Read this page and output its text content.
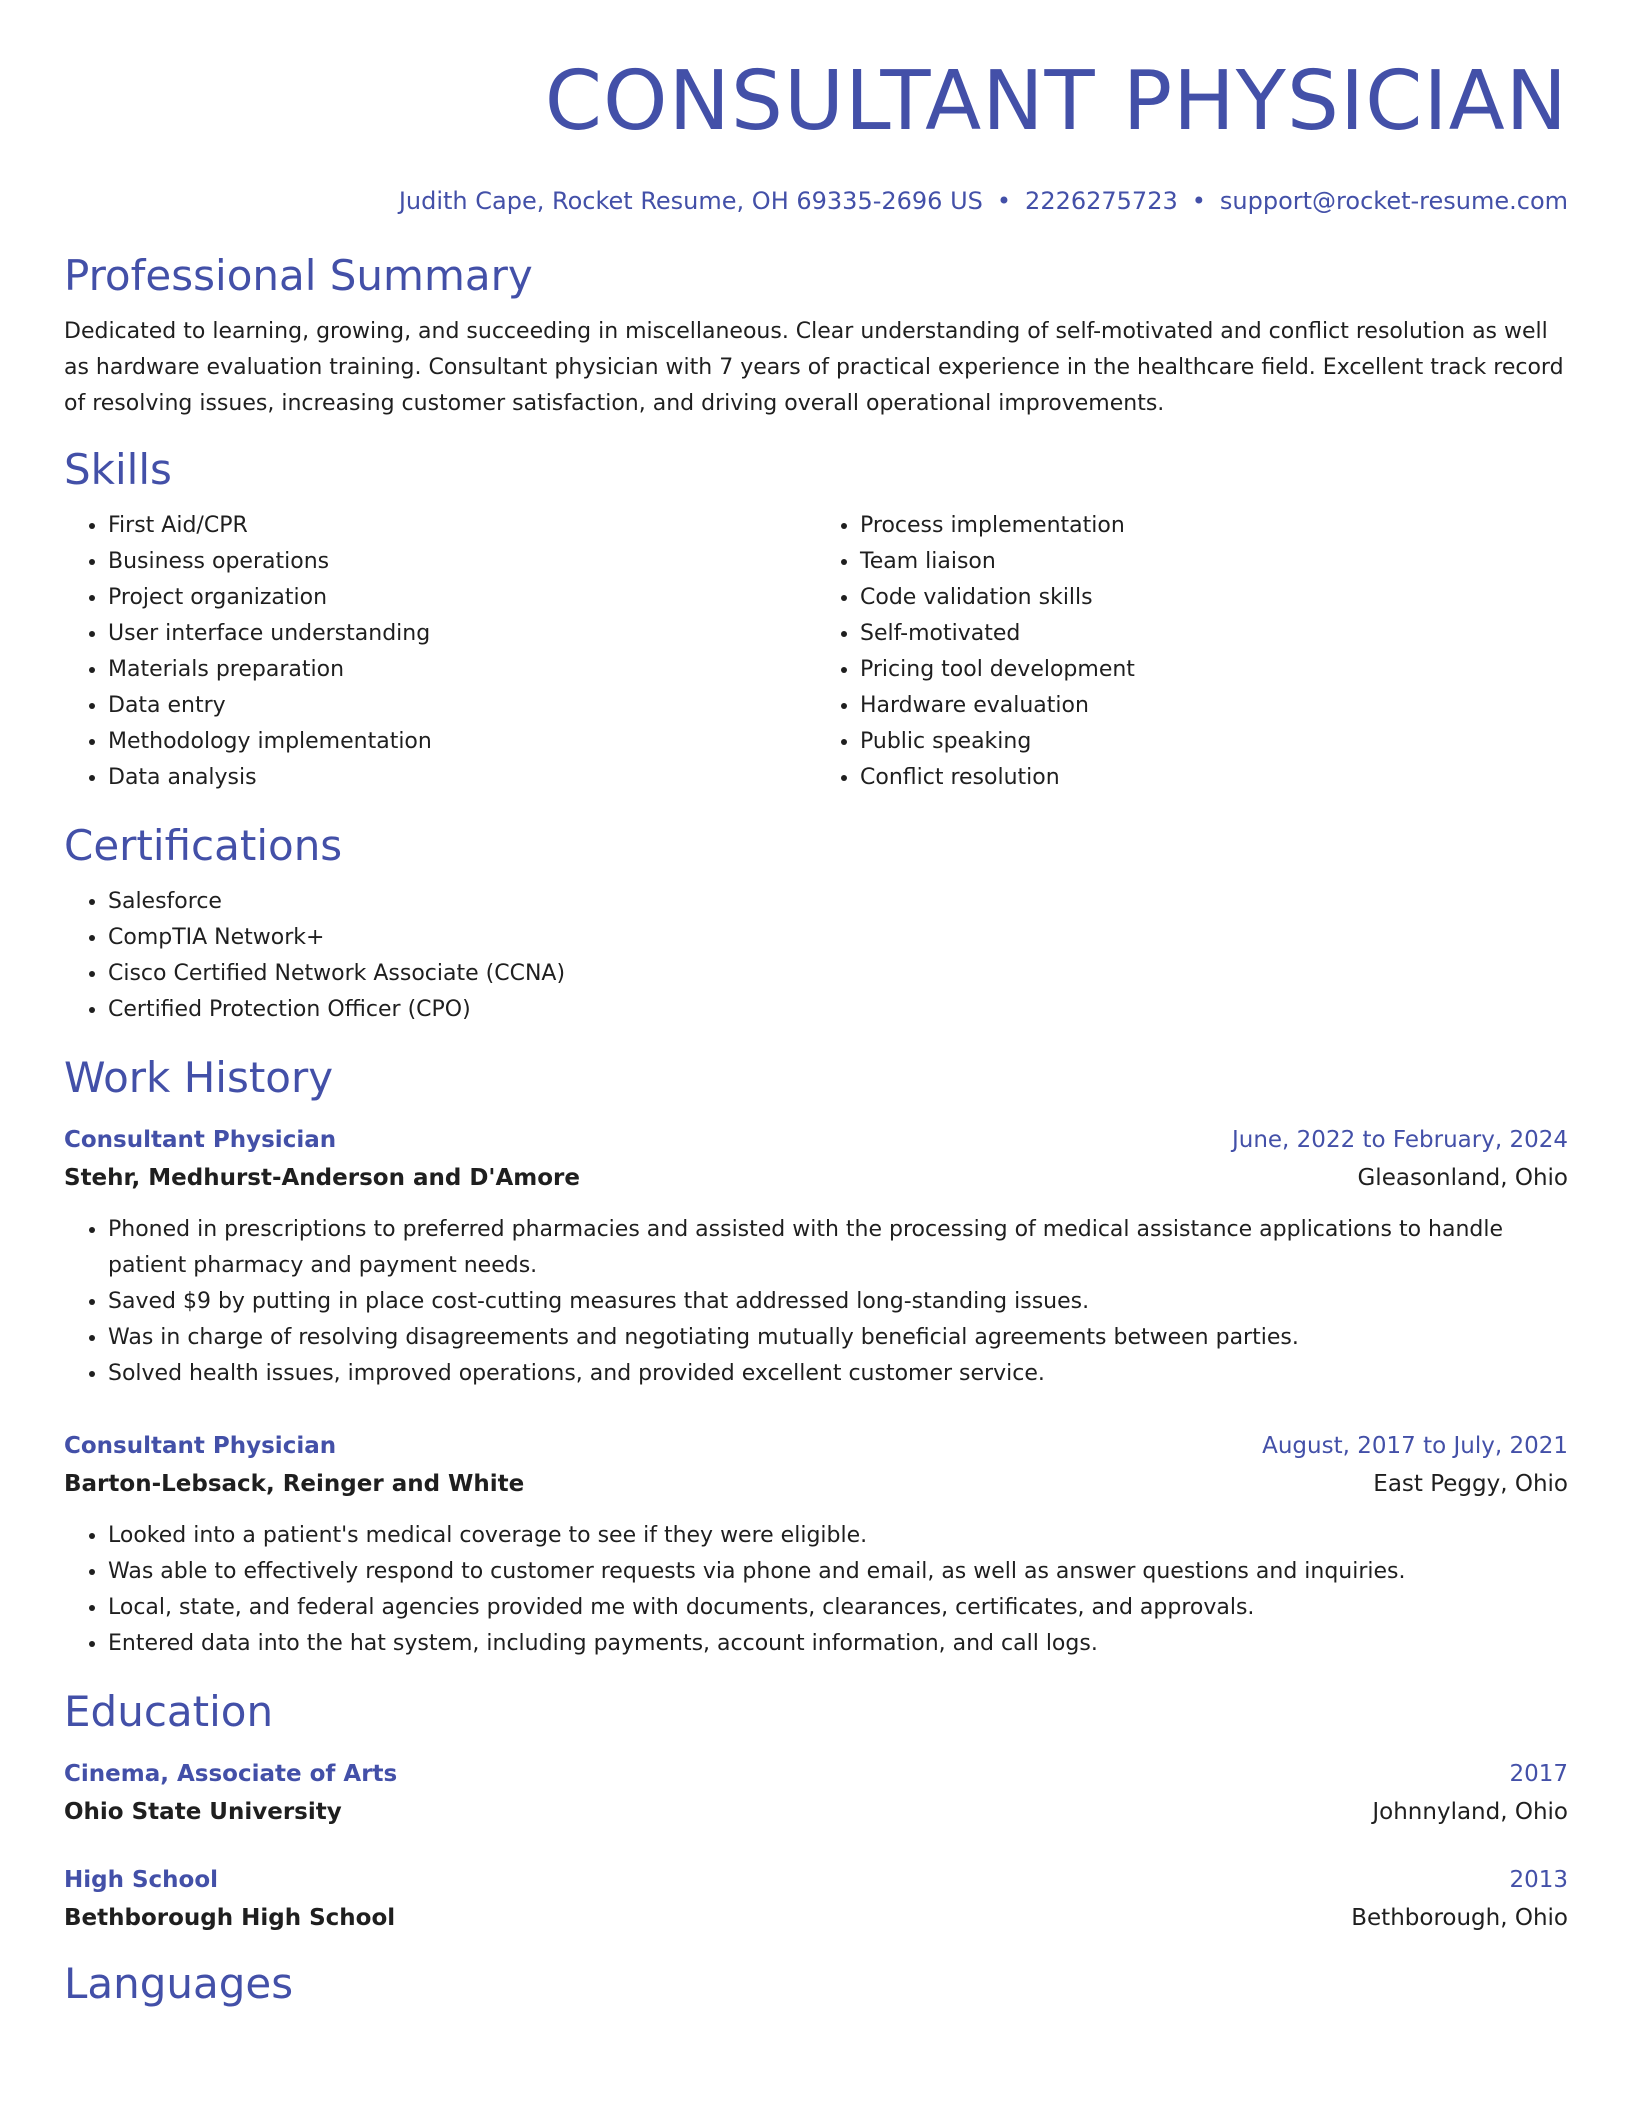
CONSULTANT PHYSICIAN
Judith Cape, Rocket Resume, OH 69335-2696 US • 2226275723 • support@rocket-resume.com
Professional Summary

Dedicated to learning, growing, and succeeding in miscellaneous. Clear understanding of self-motivated and conflict resolution as well as hardware evaluation training. Consultant physician with 7 years of practical experience in the healthcare field. Excellent track record of resolving issues, increasing customer satisfaction, and driving overall operational improvements.

Skills
• First Aid/CPR
• Business operations
• Project organization
• User interface understanding
• Materials preparation
• Data entry
• Methodology implementation
• Data analysis
• Process implementation
• Team liaison
• Code validation skills
• Self-motivated
• Pricing tool development
• Hardware evaluation
• Public speaking
• Conflict resolution
Certifications
• Salesforce
• CompTIA Network+
• Cisco Certified Network Associate (CCNA)
• Certified Protection Officer (CPO)
Work History
Consultant Physician	June, 2022 to February, 2024
Stehr, Medhurst-Anderson and D'Amore	Gleasonland, Ohio
• Phoned in prescriptions to preferred pharmacies and assisted with the processing of medical assistance applications to handle patient pharmacy and payment needs.
• Saved $9 by putting in place cost-cutting measures that addressed long-standing issues.
• Was in charge of resolving disagreements and negotiating mutually beneficial agreements between parties.
• Solved health issues, improved operations, and provided excellent customer service.
Consultant Physician	August, 2017 to July, 2021
Barton-Lebsack, Reinger and White	East Peggy, Ohio
• Looked into a patient's medical coverage to see if they were eligible.
• Was able to effectively respond to customer requests via phone and email, as well as answer questions and inquiries.
• Local, state, and federal agencies provided me with documents, clearances, certificates, and approvals.
• Entered data into the hat system, including payments, account information, and call logs.
Education
Cinema, Associate of Arts	2017
Ohio State University	Johnnyland, Ohio
High School	2013
Bethborough High School	Bethborough, Ohio
Languages
